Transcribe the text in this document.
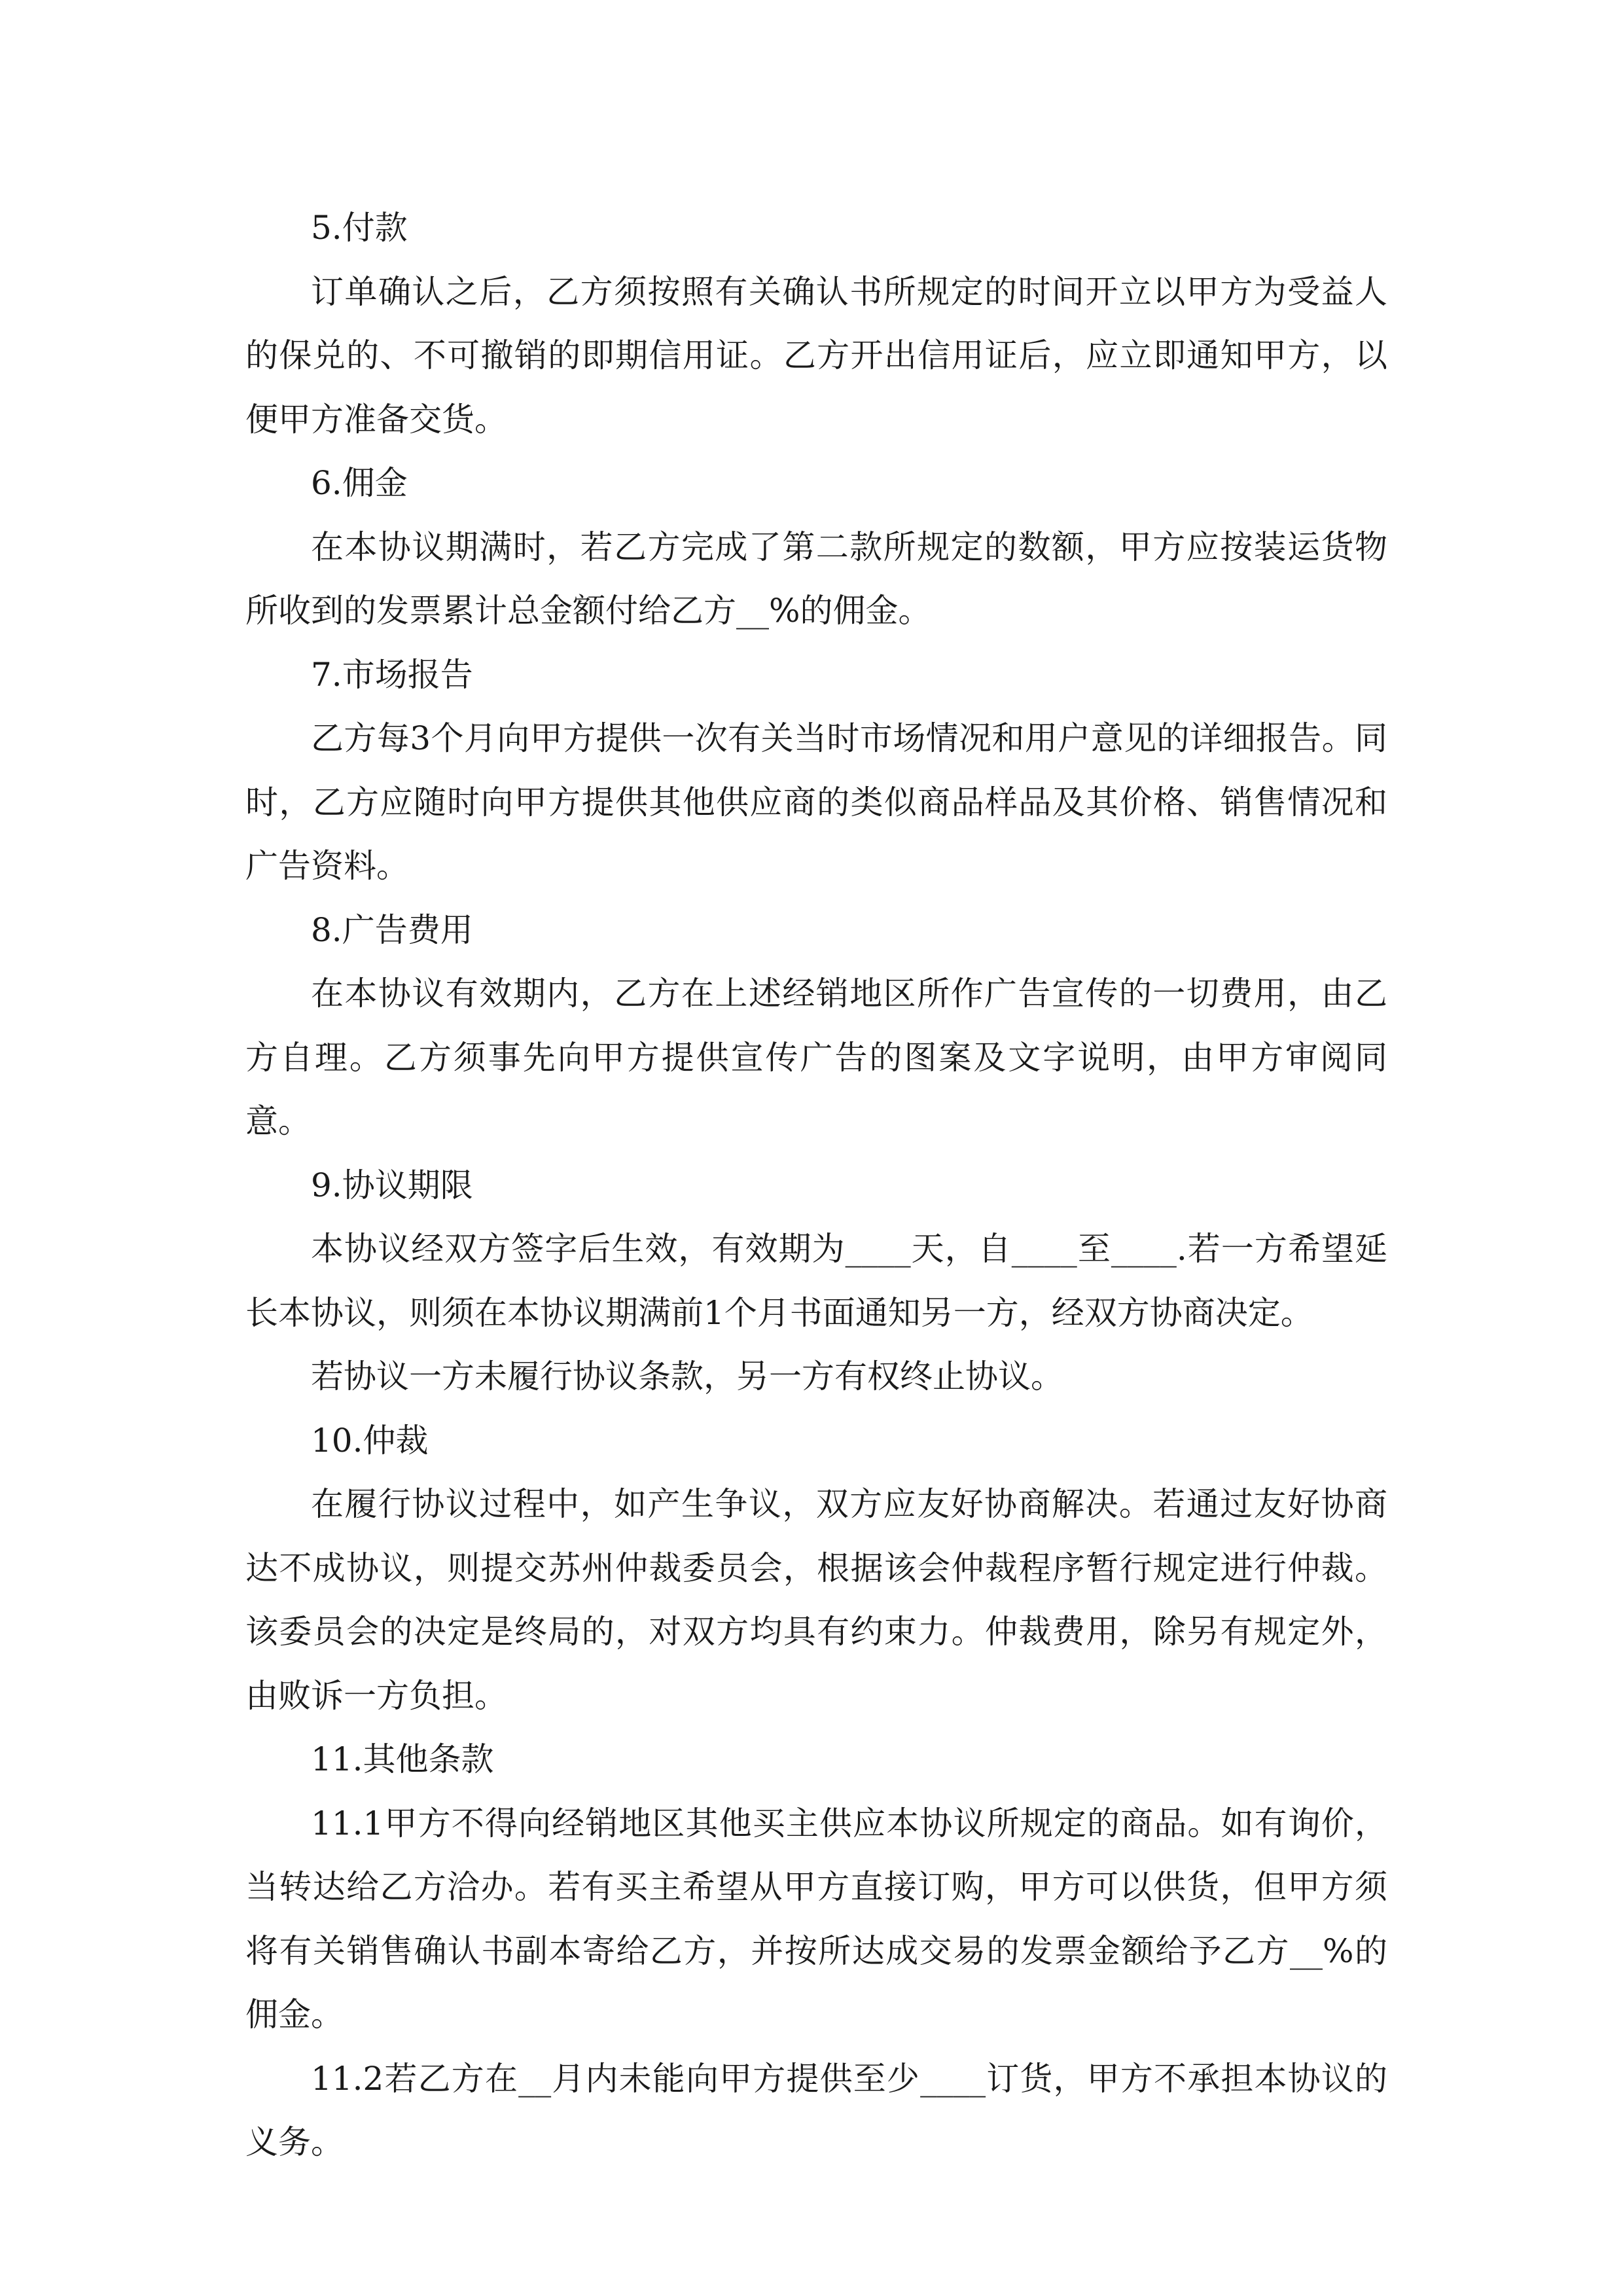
5.付款

订单确认之后，乙方须按照有关确认书所规定的时间开立以甲方为受益人的保兑的、不可撤销的即期信用证。乙方开出信用证后，应立即通知甲方，以便甲方准备交货。

6.佣金

在本协议期满时，若乙方完成了第二款所规定的数额，甲方应按装运货物所收到的发票累计总金额付给乙方__%的佣金。

7.市场报告

乙方每3个月向甲方提供一次有关当时市场情况和用户意见的详细报告。同时，乙方应随时向甲方提供其他供应商的类似商品样品及其价格、销售情况和广告资料。

8.广告费用

在本协议有效期内，乙方在上述经销地区所作广告宣传的一切费用，由乙方自理。乙方须事先向甲方提供宣传广告的图案及文字说明，由甲方审阅同意。

9.协议期限

本协议经双方签字后生效，有效期为____天，自____至____.若一方希望延长本协议，则须在本协议期满前1个月书面通知另一方，经双方协商决定。

若协议一方未履行协议条款，另一方有权终止协议。

10.仲裁

在履行协议过程中，如产生争议，双方应友好协商解决。若通过友好协商达不成协议，则提交苏州仲裁委员会，根据该会仲裁程序暂行规定进行仲裁。该委员会的决定是终局的，对双方均具有约束力。仲裁费用，除另有规定外，由败诉一方负担。

11.其他条款

11.1甲方不得向经销地区其他买主供应本协议所规定的商品。如有询价，当转达给乙方洽办。若有买主希望从甲方直接订购，甲方可以供货，但甲方须将有关销售确认书副本寄给乙方，并按所达成交易的发票金额给予乙方__%的佣金。

11.2若乙方在__月内未能向甲方提供至少____订货，甲方不承担本协议的义务。
